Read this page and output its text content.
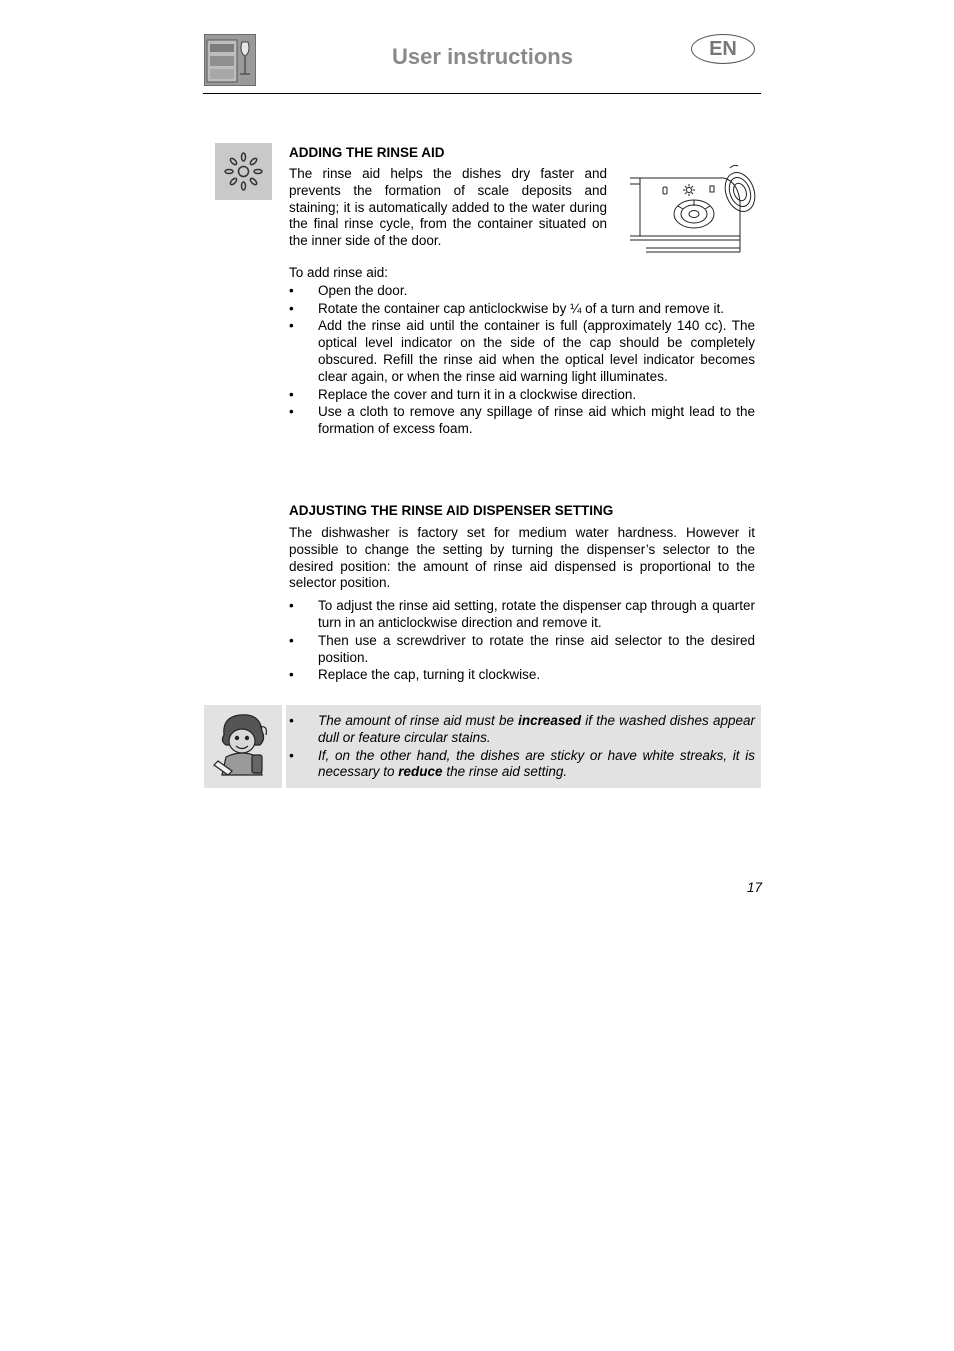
User instructions	EN
ADDING THE RINSE AID

The rinse aid helps the dishes dry faster and prevents the formation of scale deposits and staining; it is automatically added to the water during the final rinse cycle, from the container situated on the inner side of the door.

To add rinse aid:

• Open the door.
• Rotate the container cap anticlockwise by ¼ of a turn and remove it.
• Add the rinse aid until the container is full (approximately 140 cc). The optical level indicator on the side of the cap should be completely obscured. Refill the rinse aid when the optical level indicator becomes clear again, or when the rinse aid warning light illuminates.
• Replace the cover and turn it in a clockwise direction.
• Use a cloth to remove any spillage of rinse aid which might lead to the formation of excess foam.
ADJUSTING THE RINSE AID DISPENSER SETTING

The dishwasher is factory set for medium water hardness. However it possible to change the setting by turning the dispenser’s selector to the desired position: the amount of rinse aid dispensed is proportional to the selector position.

• To adjust the rinse aid setting, rotate the dispenser cap through a quarter turn in an anticlockwise direction and remove it.
• Then use a screwdriver to rotate the rinse aid selector to the desired position.
• Replace the cap, turning it clockwise.
• The amount of rinse aid must be increased if the washed dishes appear dull or feature circular stains.
• If, on the other hand, the dishes are sticky or have white streaks, it is necessary to reduce the rinse aid setting.
17
